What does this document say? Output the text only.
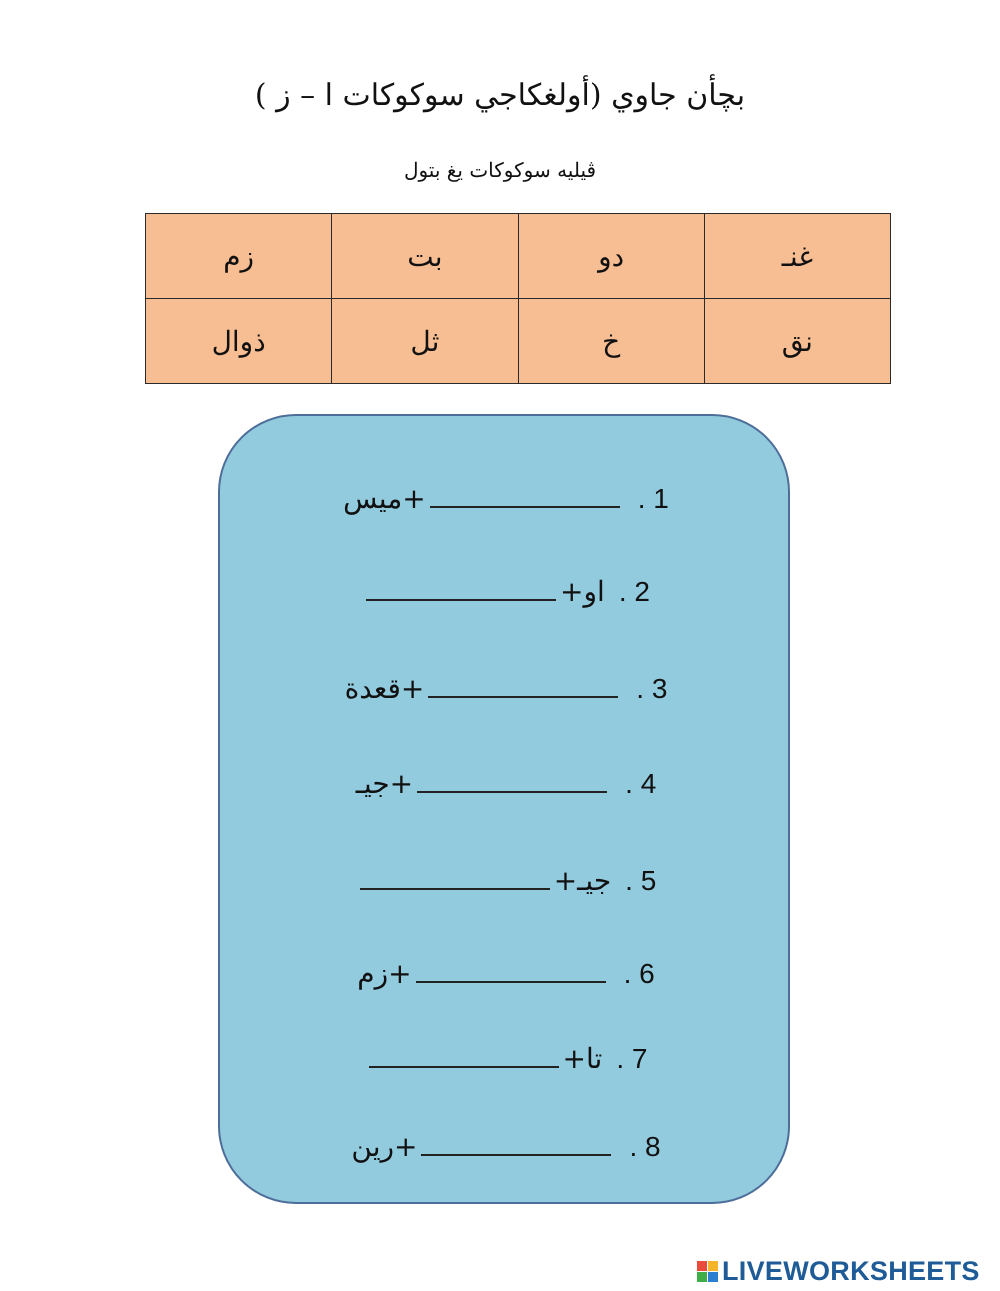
بچأن جاوي (أولغکاجي سوکوکات ا – ز )
ڤيليه سوکوکات يغ بتول
غنـ	دو	بت	زم
نق	خ	ثل	ذوال
ميس +	. 1
+ او . 2
قعدة +	. 3
جيـ +	. 4
+ جيـ . 5
زم +	. 6
+ تا . 7
رين +	. 8
LIVEWORKSHEETS
